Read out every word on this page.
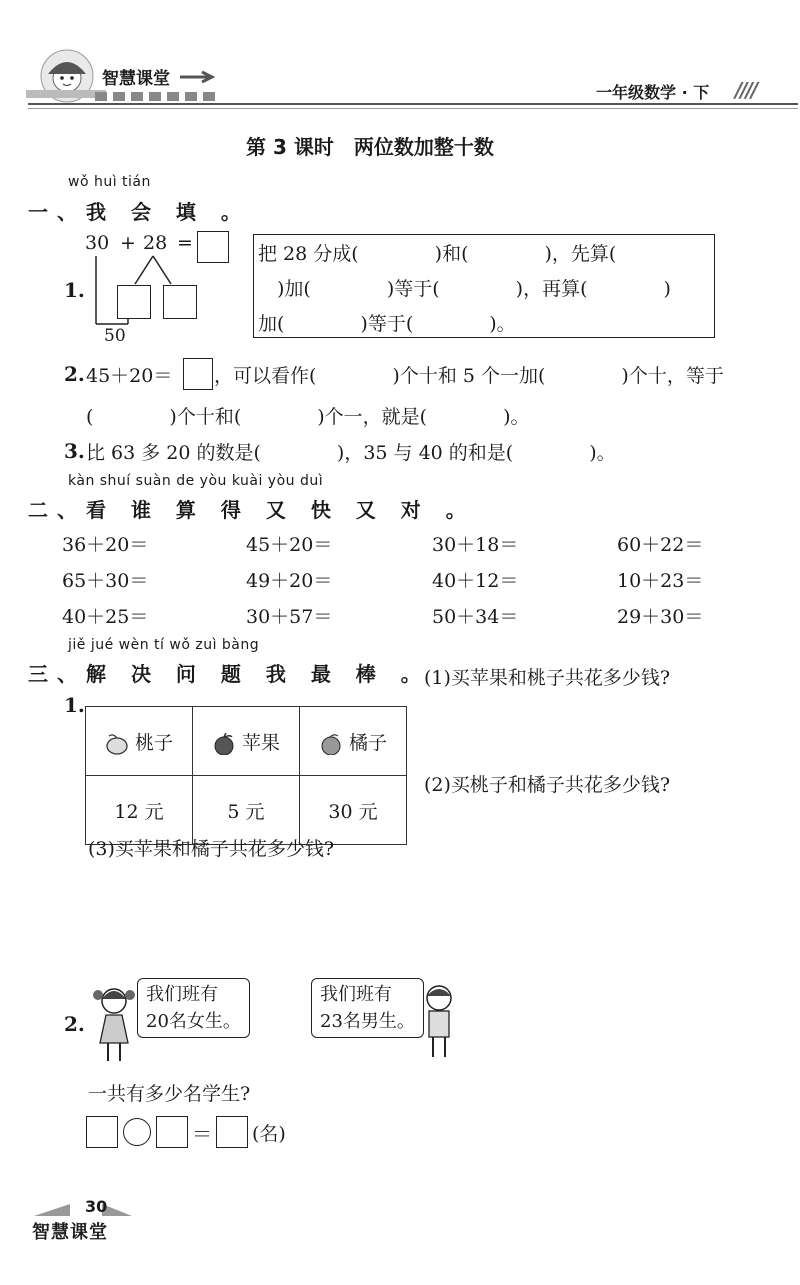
智慧课堂
一年级数学 · 下 ////
第 3 课时　两位数加整十数
wǒ huì tián
一、我 会 填 。
1.
30 + 28 =
50
把 28 分成(　　　　)和(　　　　)，先算(
　)加(　　　　)等于(　　　　)，再算(　　　　)
加(　　　　)等于(　　　　)。
2. 45＋20＝ ，可以看作(　　　　)个十和 5 个一加(　　　　)个十，等于
(　　　　)个十和(　　　　)个一，就是(　　　　)。
3. 比 63 多 20 的数是(　　　　)，35 与 40 的和是(　　　　)。
kàn shuí suàn de yòu kuài yòu duì
二、看 谁 算 得 又 快 又 对 。
36＋20＝	45＋20＝	30＋18＝	60＋22＝
65＋30＝	49＋20＝	40＋12＝	10＋23＝
40＋25＝	30＋57＝	50＋34＝	29＋30＝
jiě jué wèn tí wǒ zuì bàng
三、解 决 问 题 我 最 棒 。
(1)买苹果和桃子共花多少钱?
1.
桃子	苹果	橘子
12 元	5 元	30 元
(2)买桃子和橘子共花多少钱?
(3)买苹果和橘子共花多少钱?
2.
我们班有
20名女生。
我们班有
23名男生。
一共有多少名学生?
＝ (名)
30
智慧课堂
